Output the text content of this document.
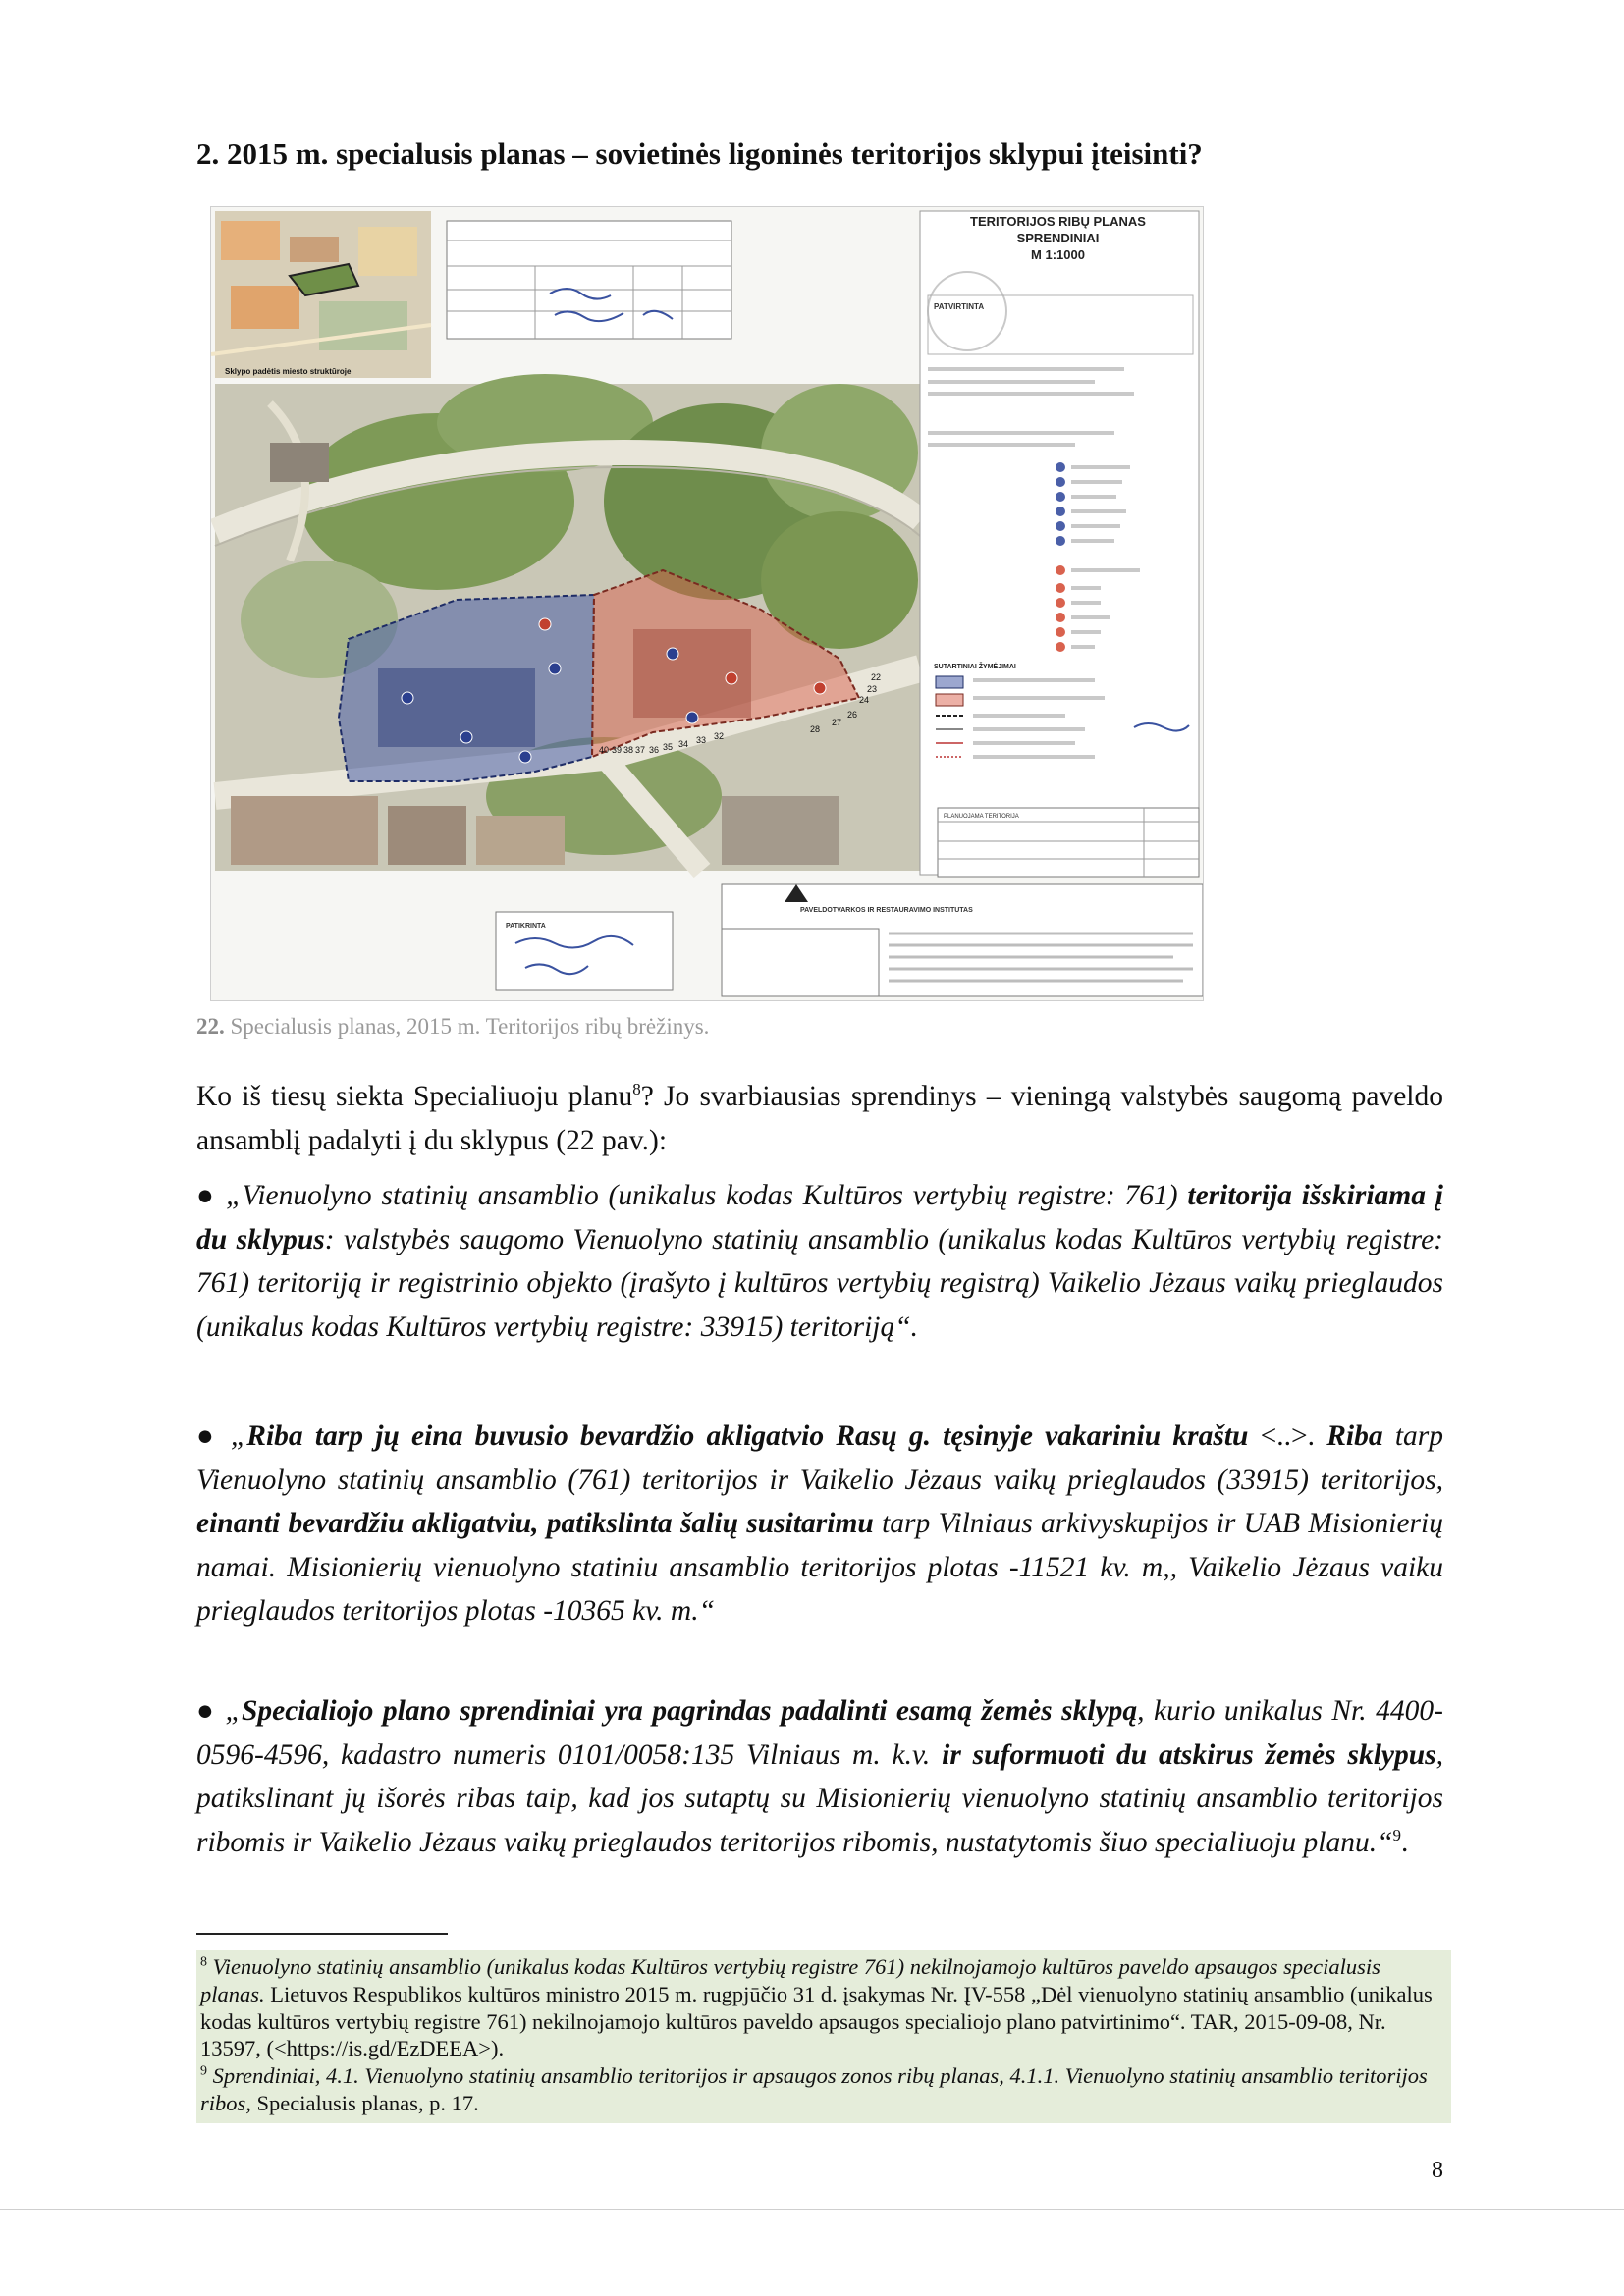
2. 2015 m. specialusis planas – sovietinės ligoninės teritorijos sklypui įteisinti?
40 39 38 37 36 35 34 33 32
28
27
26
24
23
22
PATVIRTINTA
SUTARTINIAI ŽYMĖJIMAI
PLANUOJAMA TERITORIJA
PATIKRINTA
PAVELDOTVARKOS IR RESTAURAVIMO INSTITUTAS
TERITORIJOS RIBŲ PLANAS
SPRENDINIAI
M 1:1000
Sklypo padėtis miesto struktūroje
22. Specialusis planas, 2015 m. Teritorijos ribų brėžinys.
Ko iš tiesų siekta Specialiuoju planu$^8$? Jo svarbiausias sprendinys – vieningą valstybės saugomą paveldo ansamblį padalyti į du sklypus (22 pav.):
● „Vienuolyno statinių ansamblio (unikalus kodas Kultūros vertybių registre: 761) teritorija išskiriama į du sklypus: valstybės saugomo Vienuolyno statinių ansamblio (unikalus kodas Kultūros vertybių registre: 761) teritoriją ir registrinio objekto (įrašyto į kultūros vertybių registrą) Vaikelio Jėzaus vaikų prieglaudos (unikalus kodas Kultūros vertybių registre: 33915) teritoriją“.
● „Riba tarp jų eina buvusio bevardžio akligatvio Rasų g. tęsinyje vakariniu kraštu <..>. Riba tarp Vienuolyno statinių ansamblio (761) teritorijos ir Vaikelio Jėzaus vaikų prieglaudos (33915) teritorijos, einanti bevardžiu akligatviu, patikslinta šalių susitarimu tarp Vilniaus arkivyskupijos ir UAB Misionierių namai. Misionierių vienuolyno statiniu ansamblio teritorijos plotas -11521 kv. m,, Vaikelio Jėzaus vaiku prieglaudos teritorijos plotas -10365 kv. m.“
● „Specialiojo plano sprendiniai yra pagrindas padalinti esamą žemės sklypą, kurio unikalus Nr. 4400-0596-4596, kadastro numeris 0101/0058:135 Vilniaus m. k.v. ir suformuoti du atskirus žemės sklypus, patikslinant jų išorės ribas taip, kad jos sutaptų su Misionierių vienuolyno statinių ansamblio teritorijos ribomis ir Vaikelio Jėzaus vaikų prieglaudos teritorijos ribomis, nustatytomis šiuo specialiuoju planu.“$^9$.

$^8$ Vienuolyno statinių ansamblio (unikalus kodas Kultūros vertybių registre 761) nekilnojamojo kultūros paveldo apsaugos specialusis planas. Lietuvos Respublikos kultūros ministro 2015 m. rugpjūčio 31 d. įsakymas Nr. ĮV-558 „Dėl vienuolyno statinių ansamblio (unikalus kodas kultūros vertybių registre 761) nekilnojamojo kultūros paveldo apsaugos specialiojo plano patvirtinimo“. TAR, 2015-09-08, Nr. 13597, (<https://is.gd/EzDEEA>).

$^9$ Sprendiniai, 4.1. Vienuolyno statinių ansamblio teritorijos ir apsaugos zonos ribų planas, 4.1.1. Vienuolyno statinių ansamblio teritorijos ribos, Specialusis planas, p. 17.

8
